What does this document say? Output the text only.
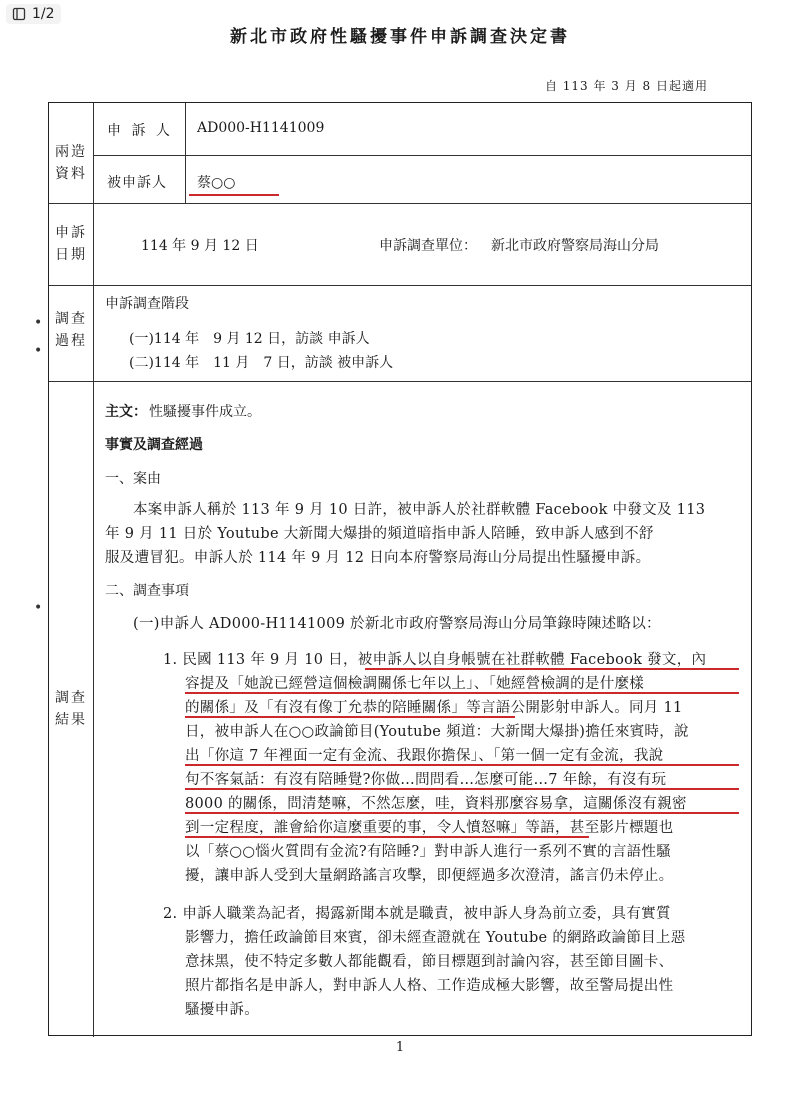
1/2
新北市政府性騷擾事件申訴調查決定書
自 113 年 3 月 8 日起適用
•
•
•
兩造資料
申 訴 人 AD000-H1141009
被申訴人 蔡○○
申訴日期
114 年 9 月 12 日	申訴調查單位： 新北市政府警察局海山分局
調查過程
申訴調查階段
(一)114 年　9 月 12 日，訪談 申訴人
(二)114 年　11 月　7 日，訪談 被申訴人
調查結果
主文： 性騷擾事件成立。
事實及調查經過
一、案由
本案申訴人稱於 113 年 9 月 10 日許，被申訴人於社群軟體 Facebook 中發文及 113
年 9 月 11 日於 Youtube 大新聞大爆掛的頻道暗指申訴人陪睡，致申訴人感到不舒
服及遭冒犯。申訴人於 114 年 9 月 12 日向本府警察局海山分局提出性騷擾申訴。
二、調查事項
(一)申訴人 AD000-H1141009 於新北市政府警察局海山分局筆錄時陳述略以：
1. 民國 113 年 9 月 10 日，被申訴人以自身帳號在社群軟體 Facebook 發文，內
容提及「她說已經營這個檢調關係七年以上」、「她經營檢調的是什麼樣
的關係」及「有沒有像丁允恭的陪睡關係」等言語公開影射申訴人。同月 11
日，被申訴人在○○政論節目(Youtube 頻道：大新聞大爆掛)擔任來賓時，說
出「你這 7 年裡面一定有金流、我跟你擔保」、「第一個一定有金流，我說
句不客氣話：有沒有陪睡覺?你做…問問看…怎麼可能…7 年餘，有沒有玩
8000 的關係，問清楚嘛，不然怎麼，哇，資料那麼容易拿，這關係沒有親密
到一定程度，誰會給你這麼重要的事，令人憤怒嘛」等語，甚至影片標題也
以「蔡○○惱火質問有金流?有陪睡?」對申訴人進行一系列不實的言語性騷
擾，讓申訴人受到大量網路謠言攻擊，即便經過多次澄清，謠言仍未停止。
2. 申訴人職業為記者，揭露新聞本就是職責，被申訴人身為前立委，具有實質
影響力，擔任政論節目來賓，卻未經查證就在 Youtube 的網路政論節目上惡
意抹黑，使不特定多數人都能觀看，節目標題到討論內容，甚至節目圖卡、
照片都指名是申訴人，對申訴人人格、工作造成極大影響，故至警局提出性
騷擾申訴。
1
